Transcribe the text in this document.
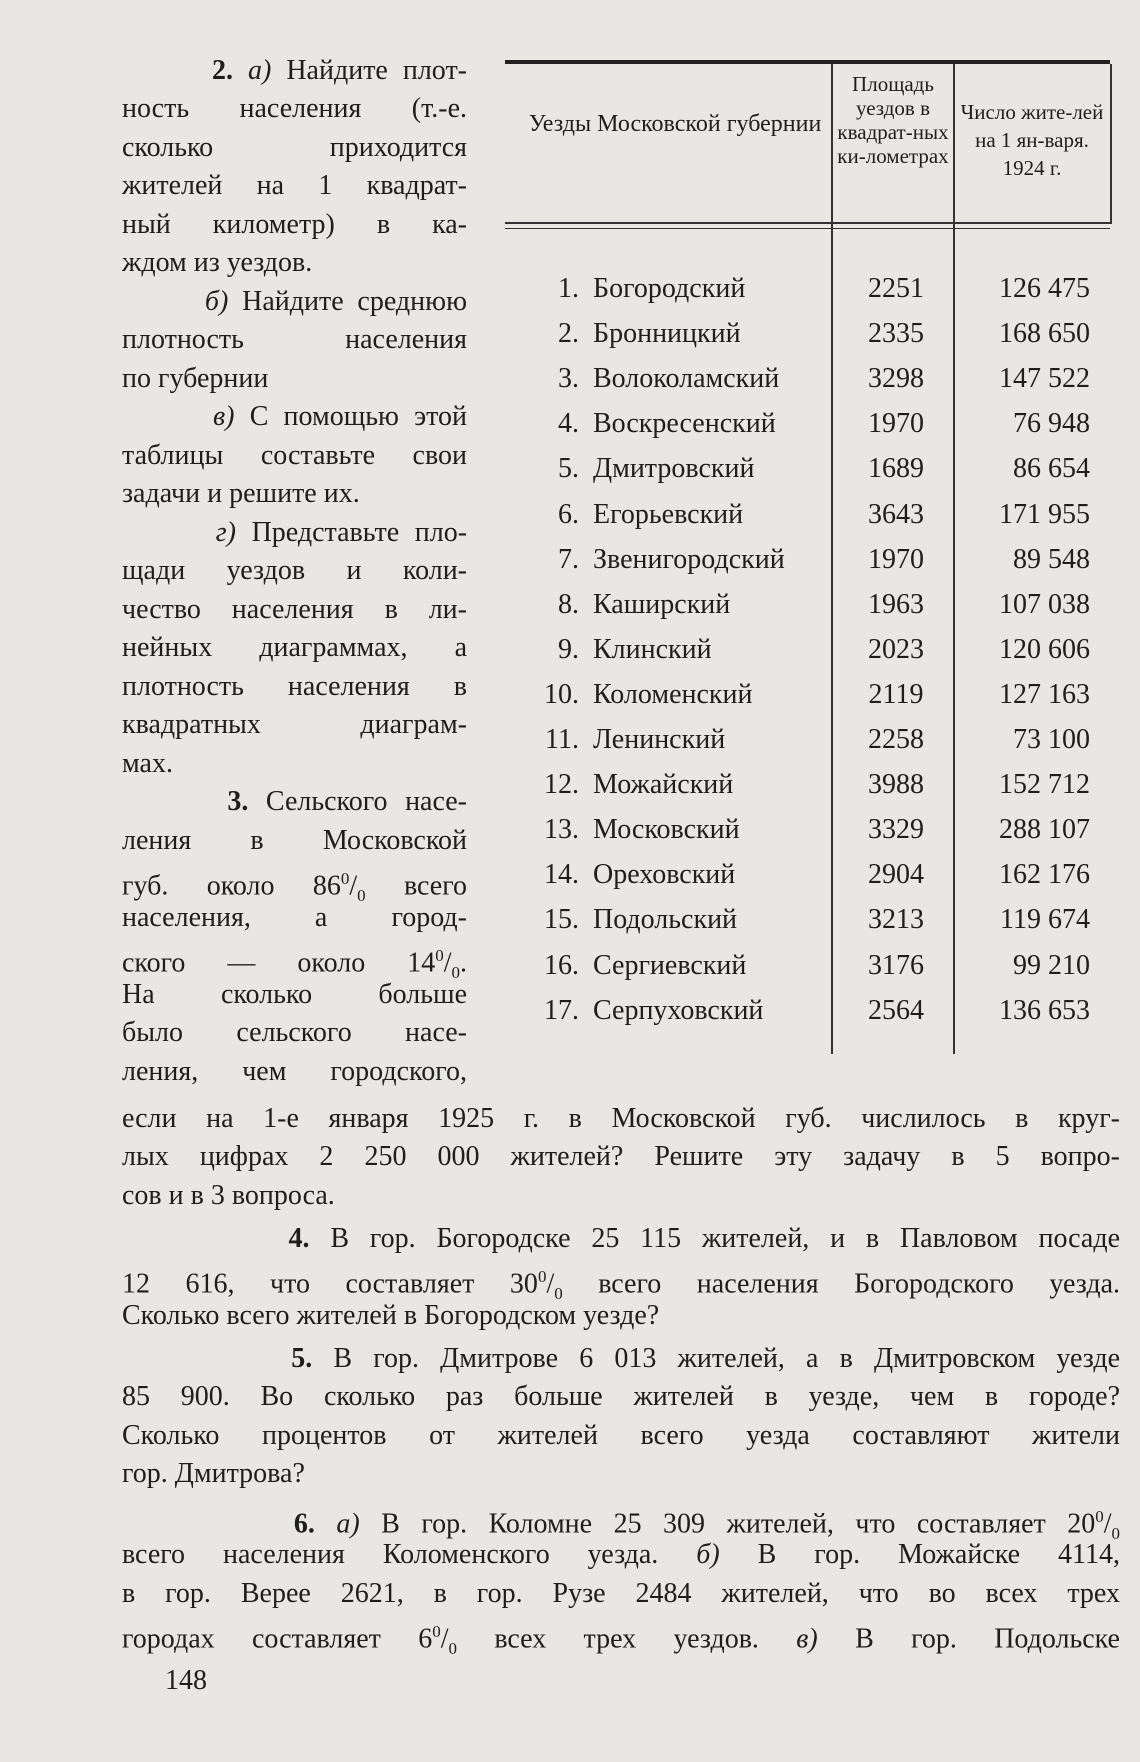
2. а) Найдите плот-

ность населения (т.-е.

сколько приходится

жителей на 1 квадрат-

ный километр) в ка-

ждом из уездов.

б) Найдите среднюю

плотность населения

по губернии

в) С помощью этой

таблицы составьте свои

задачи и решите их.

г) Представьте пло-

щади уездов и коли-

чество населения в ли-

нейных диаграммах, а

плотность населения в

квадратных диаграм-

мах.

3. Сельского насе-

ления в Московской

губ. около $86^0/_0$ всего

населения, а город-

ского — около $14^0/_0$.

На сколько больше

было сельского насе-

ления, чем городского,

Уезды Московской губернии
Площадь уездов в квадрат-ных ки-лометрах
Число жите-лей на 1 ян-варя. 1924 г.
1. Богородский	2251	126 475
2. Бронницкий	2335	168 650
3. Волоколамский	3298	147 522
4. Воскресенский	1970	76 948
5. Дмитровский	1689	86 654
6. Егорьевский	3643	171 955
7. Звенигородский	1970	89 548
8. Каширский	1963	107 038
9. Клинский	2023	120 606
10. Коломенский	2119	127 163
11. Ленинский	2258	73 100
12. Можайский	3988	152 712
13. Московский	3329	288 107
14. Ореховский	2904	162 176
15. Подольский	3213	119 674
16. Сергиевский	3176	99 210
17. Серпуховский	2564	136 653

если на 1-е января 1925 г. в Московской губ. числилось в круг-

лых цифрах 2 250 000 жителей? Решите эту задачу в 5 вопро-

сов и в 3 вопроса.

4. В гор. Богородске 25 115 жителей, и в Павловом посаде

12 616, что составляет $30^0/_0$ всего населения Богородского уезда.

Сколько всего жителей в Богородском уезде?

5. В гор. Дмитрове 6 013 жителей, а в Дмитровском уезде

85 900. Во сколько раз больше жителей в уезде, чем в городе?

Сколько процентов от жителей всего уезда составляют жители

гор. Дмитрова?

6. а) В гор. Коломне 25 309 жителей, что составляет $20^0/_0$

всего населения Коломенского уезда. б) В гор. Можайске 4114,

в гор. Верее 2621, в гор. Рузе 2484 жителей, что во всех трех

городах составляет $6^0/_0$ всех трех уездов. в) В гор. Подольске

148
